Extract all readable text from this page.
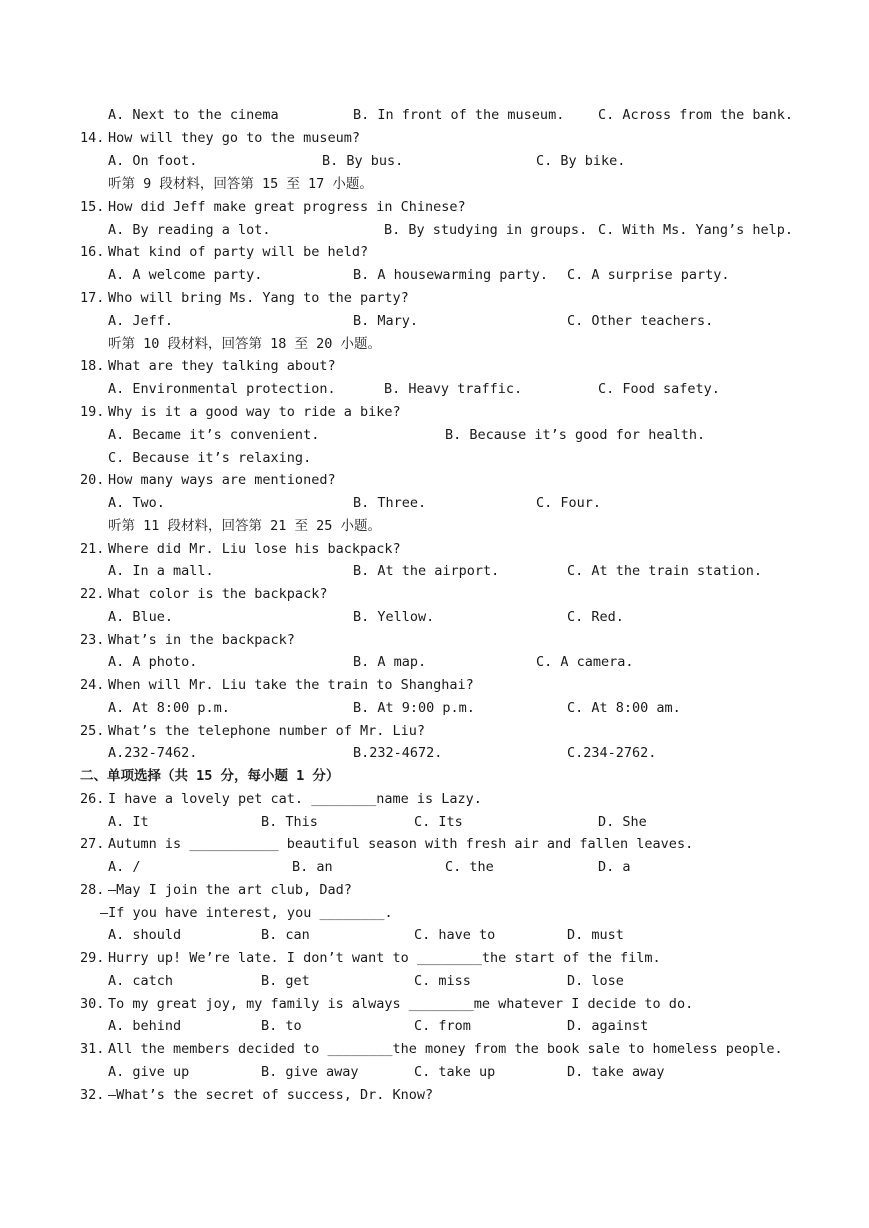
A. Next to the cinema	B. In front of the museum. C. Across from the bank.
14. How will they go to the museum?
A. On foot.	B. By bus.	C. By bike.
听第 9 段材料，回答第 15 至 17 小题。
15. How did Jeff make great progress in Chinese?
A. By reading a lot.	B. By studying in groups. C. With Ms. Yang’s help.
16. What kind of party will be held?
A. A welcome party.	B. A housewarming party. C. A surprise party.
17. Who will bring Ms. Yang to the party?
A. Jeff.	B. Mary.	C. Other teachers.
听第 10 段材料，回答第 18 至 20 小题。
18. What are they talking about?
A. Environmental protection.	B. Heavy traffic.	C. Food safety.
19. Why is it a good way to ride a bike?
A. Became it’s convenient.	B. Because it’s good for health.
C. Because it’s relaxing.
20. How many ways are mentioned?
A. Two.	B. Three.	C. Four.
听第 11 段材料，回答第 21 至 25 小题。
21. Where did Mr. Liu lose his backpack?
A. In a mall.	B. At the airport.	C. At the train station.
22. What color is the backpack?
A. Blue.	B. Yellow.	C. Red.
23. What’s in the backpack?
A. A photo.	B. A map.	C. A camera.
24. When will Mr. Liu take the train to Shanghai?
A. At 8:00 p.m.	B. At 9:00 p.m.	C. At 8:00 am.
25. What’s the telephone number of Mr. Liu?
A.232-7462.	B.232-4672.	C.234-2762.
二、单项选择（共 15 分，每小题 1 分）
26. I have a lovely pet cat. ________name is Lazy.
A. It	B. This	C. Its	D. She
27. Autumn is ___________ beautiful season with fresh air and fallen leaves.
A. /	B. an	C. the	D. a
28. —May I join the art club, Dad?
—If you have interest, you ________.
A. should	B. can	C. have to	D. must
29. Hurry up! We’re late. I don’t want to ________the start of the film.
A. catch	B. get	C. miss	D. lose
30. To my great joy, my family is always ________me whatever I decide to do.
A. behind	B. to	C. from	D. against
31. All the members decided to ________the money from the book sale to homeless people.
A. give up	B. give away	C. take up	D. take away
32. —What’s the secret of success, Dr. Know?
